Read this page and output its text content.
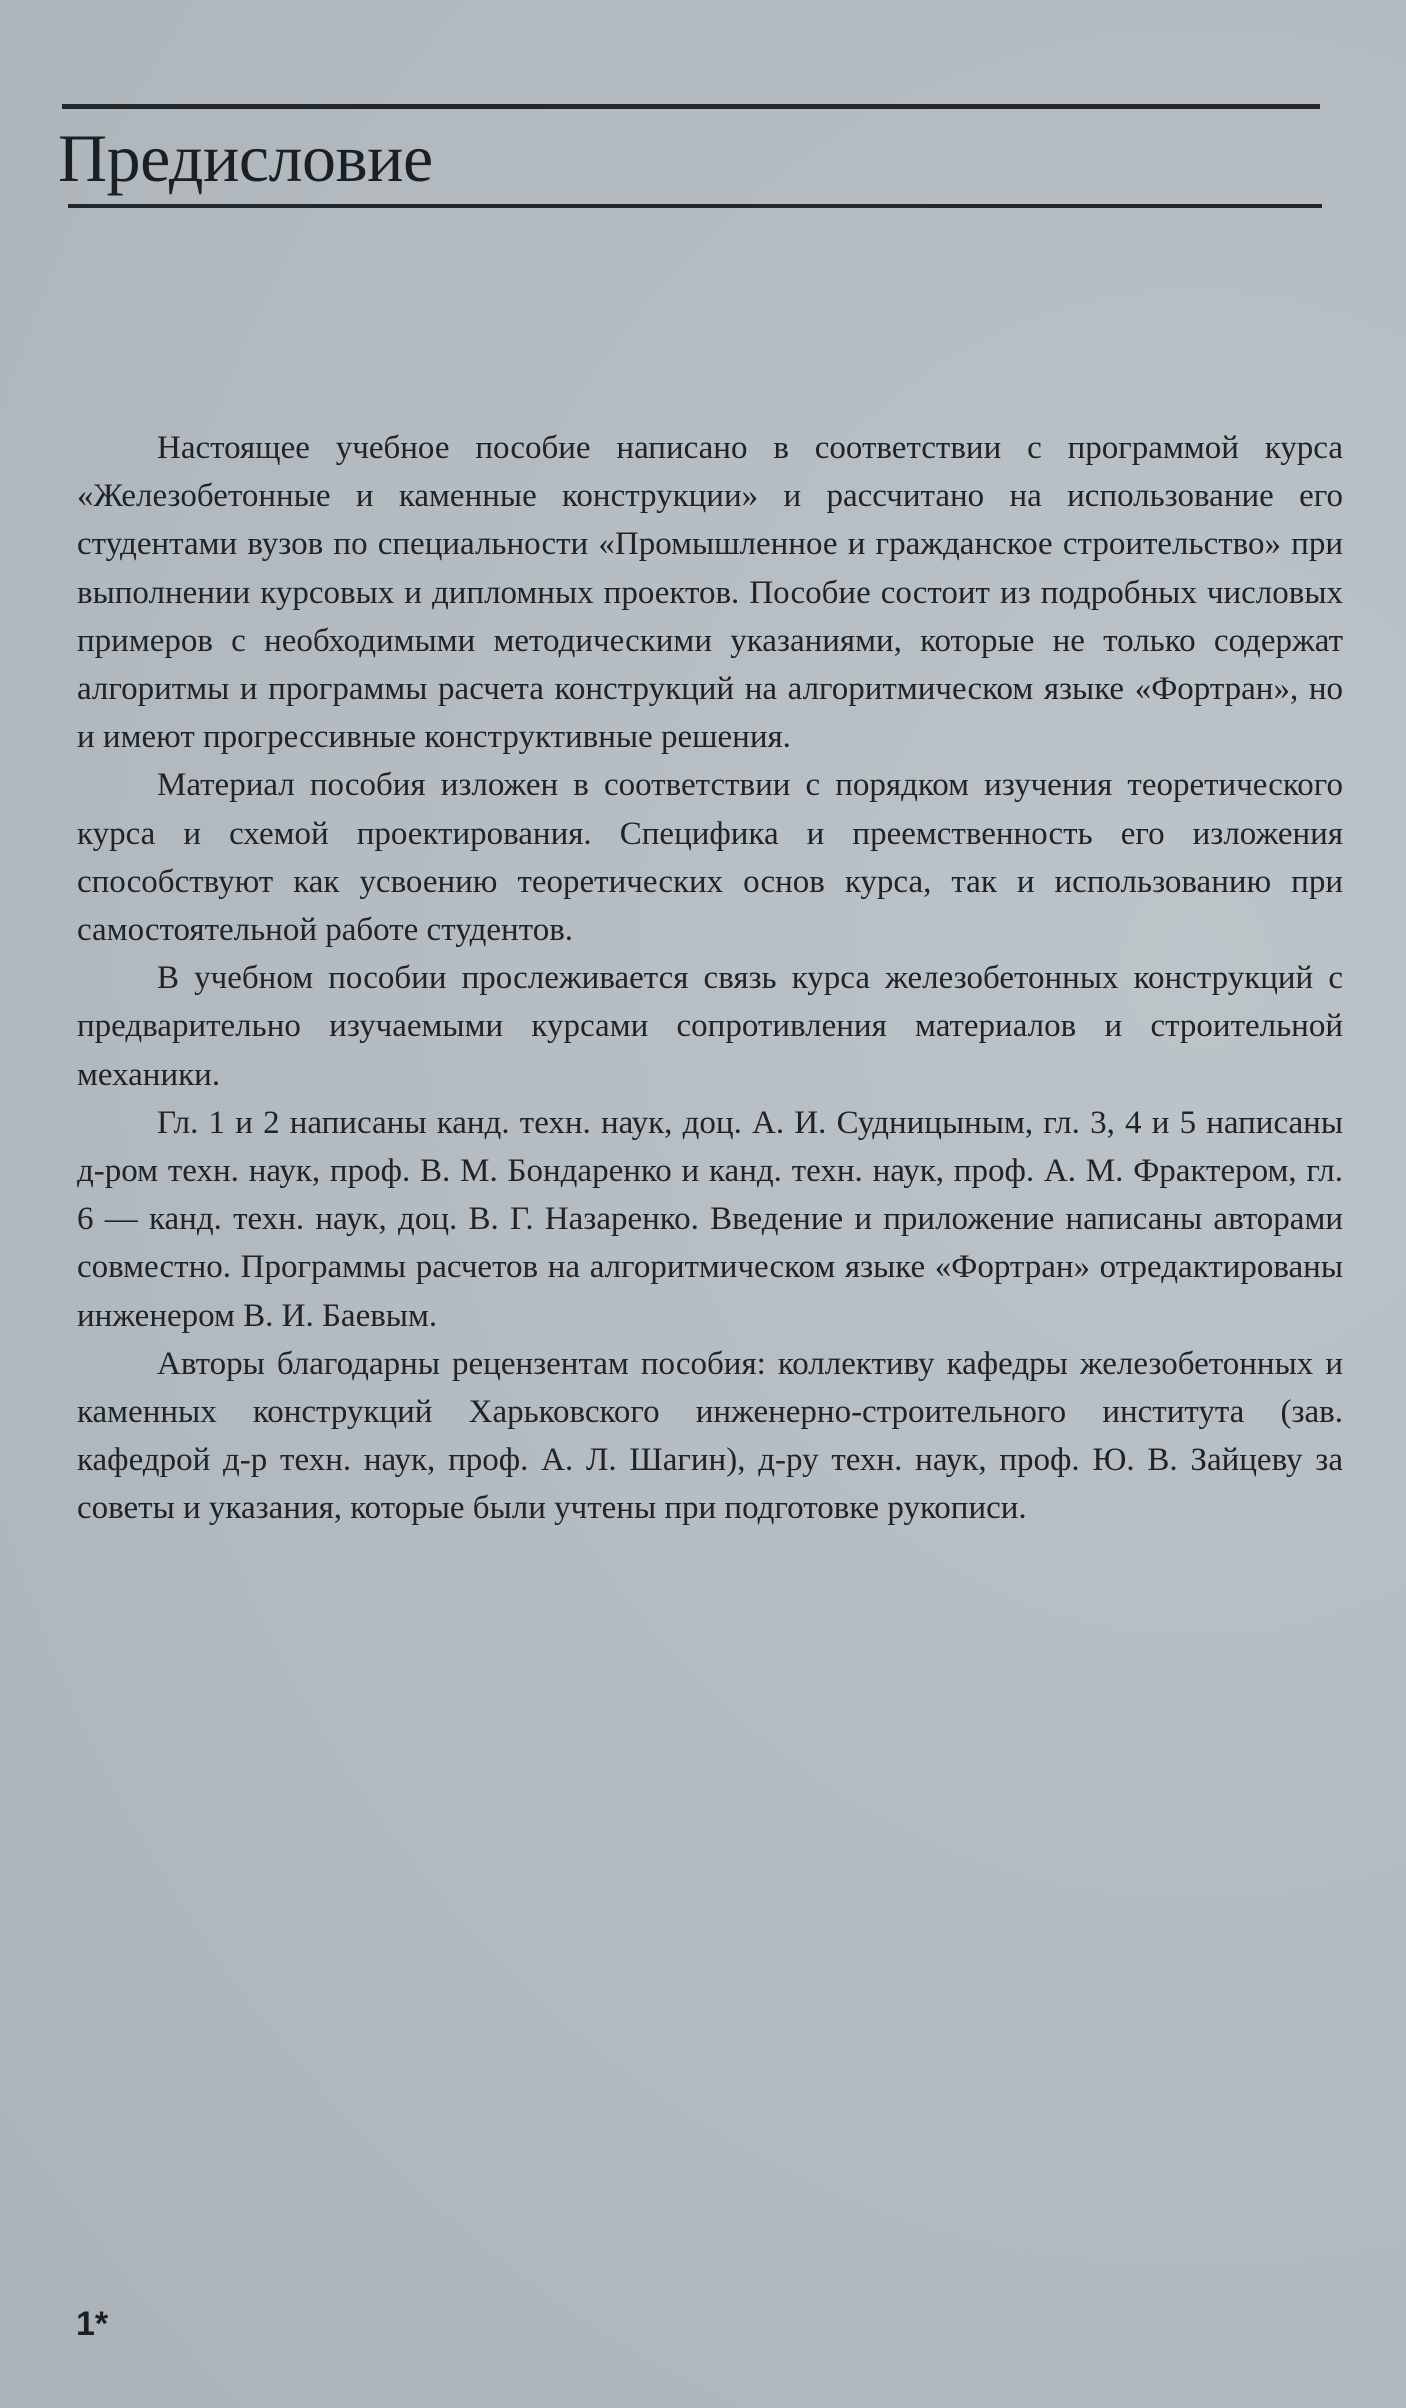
Предисловие

Настоящее учебное пособие написано в соответствии с программой курса «Железобетонные и каменные конструкции» и рассчитано на использование его студентами вузов по специальности «Промышленное и гражданское строительство» при выполнении курсовых и дипломных проектов. Пособие состоит из подробных числовых примеров с необходимыми методическими указаниями, которые не только содержат алгоритмы и программы расчета конструкций на алгоритмическом языке «Фортран», но и имеют прогрессивные конструктивные решения.

Материал пособия изложен в соответствии с порядком изучения теоретического курса и схемой проектирования. Специфика и преемственность его изложения способствуют как усвоению теоретических основ курса, так и использованию при самостоятельной работе студентов.

В учебном пособии прослеживается связь курса железобетонных конструкций с предварительно изучаемыми курсами сопротивления материалов и строительной механики.

Гл. 1 и 2 написаны канд. техн. наук, доц. А. И. Судницыным, гл. 3, 4 и 5 написаны д-ром техн. наук, проф. В. М. Бондаренко и канд. техн. наук, проф. А. М. Фрактером, гл. 6 — канд. техн. наук, доц. В. Г. Назаренко. Введение и приложение написаны авторами совместно. Программы расчетов на алгоритмическом языке «Фортран» отредактированы инженером В. И. Баевым.

Авторы благодарны рецензентам пособия: коллективу кафедры железобетонных и каменных конструкций Харьковского инженерно-строительного института (зав. кафедрой д-р техн. наук, проф. А. Л. Шагин), д-ру техн. наук, проф. Ю. В. Зайцеву за советы и указания, которые были учтены при подготовке рукописи.

1*
